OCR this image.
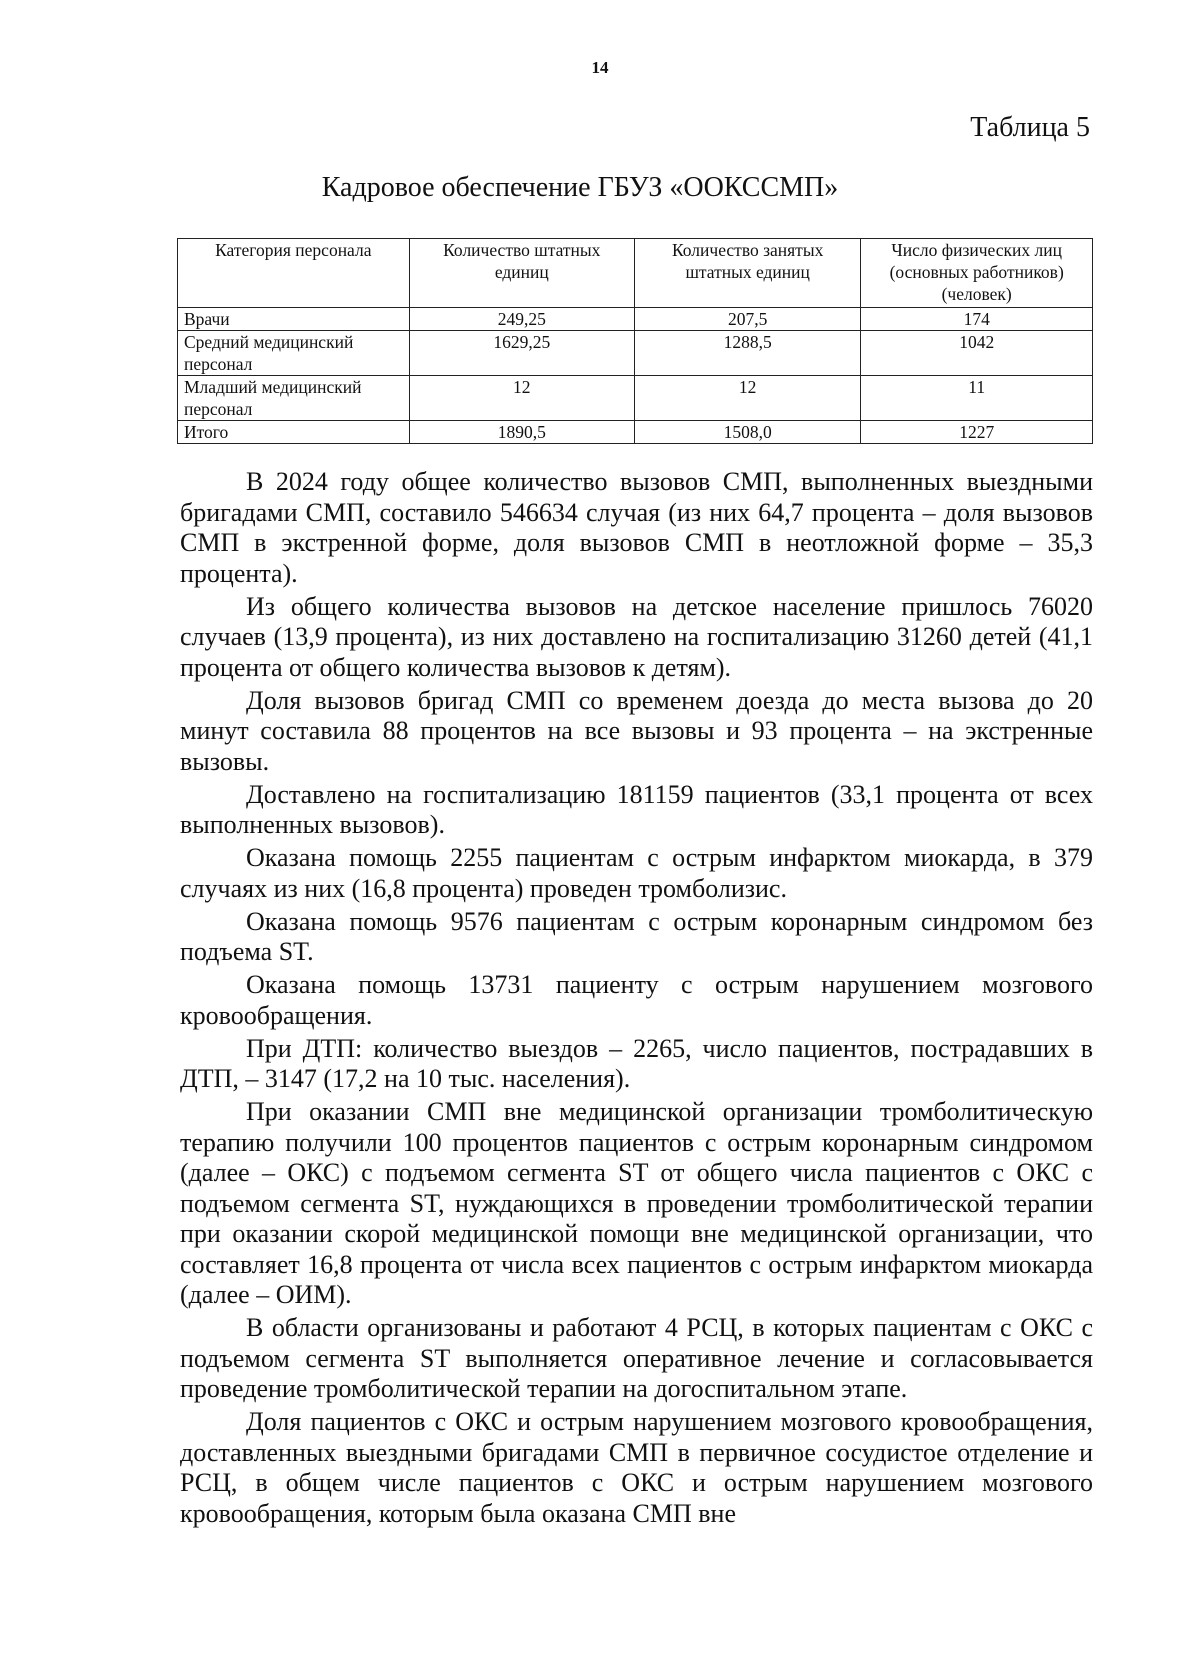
14
Таблица 5
Кадровое обеспечение ГБУЗ «ООКССМП»
Категория персонала	Количество штатных единиц	Количество занятых штатных единиц	Число физических лиц (основных работников) (человек)
Врачи	249,25	207,5	174
Средний медицинский персонал	1629,25	1288,5	1042
Младший медицинский персонал	12	12	11
Итого	1890,5	1508,0	1227

В 2024 году общее количество вызовов СМП, выполненных выездными бригадами СМП, составило 546634 случая (из них 64,7 процента – доля вызовов СМП в экстренной форме, доля вызовов СМП в неотложной форме – 35,3 процента).

Из общего количества вызовов на детское население пришлось 76020 случаев (13,9 процента), из них доставлено на госпитализацию 31260 детей (41,1 процента от общего количества вызовов к детям).

Доля вызовов бригад СМП со временем доезда до места вызова до 20 минут составила 88 процентов на все вызовы и 93 процента – на экстренные вызовы.

Доставлено на госпитализацию 181159 пациентов (33,1 процента от всех выполненных вызовов).

Оказана помощь 2255 пациентам с острым инфарктом миокарда, в 379 случаях из них (16,8 процента) проведен тромболизис.

Оказана помощь 9576 пациентам с острым коронарным синдромом без подъема ST.

Оказана помощь 13731 пациенту с острым нарушением мозгового кровообращения.

При ДТП: количество выездов – 2265, число пациентов, пострадавших в ДТП, – 3147 (17,2 на 10 тыс. населения).

При оказании СМП вне медицинской организации тромболитическую терапию получили 100 процентов пациентов с острым коронарным синдромом (далее – ОКС) с подъемом сегмента ST от общего числа пациентов с ОКС с подъемом сегмента ST, нуждающихся в проведении тромболитической терапии при оказании скорой медицинской помощи вне медицинской организации, что составляет 16,8 процента от числа всех пациентов с острым инфарктом миокарда (далее – ОИМ).

В области организованы и работают 4 РСЦ, в которых пациентам с ОКС с подъемом сегмента ST выполняется оперативное лечение и согласовывается проведение тромболитической терапии на догоспитальном этапе.

Доля пациентов с ОКС и острым нарушением мозгового кровообращения, доставленных выездными бригадами СМП в первичное сосудистое отделение и РСЦ, в общем числе пациентов с ОКС и острым нарушением мозгового кровообращения, которым была оказана СМП вне
